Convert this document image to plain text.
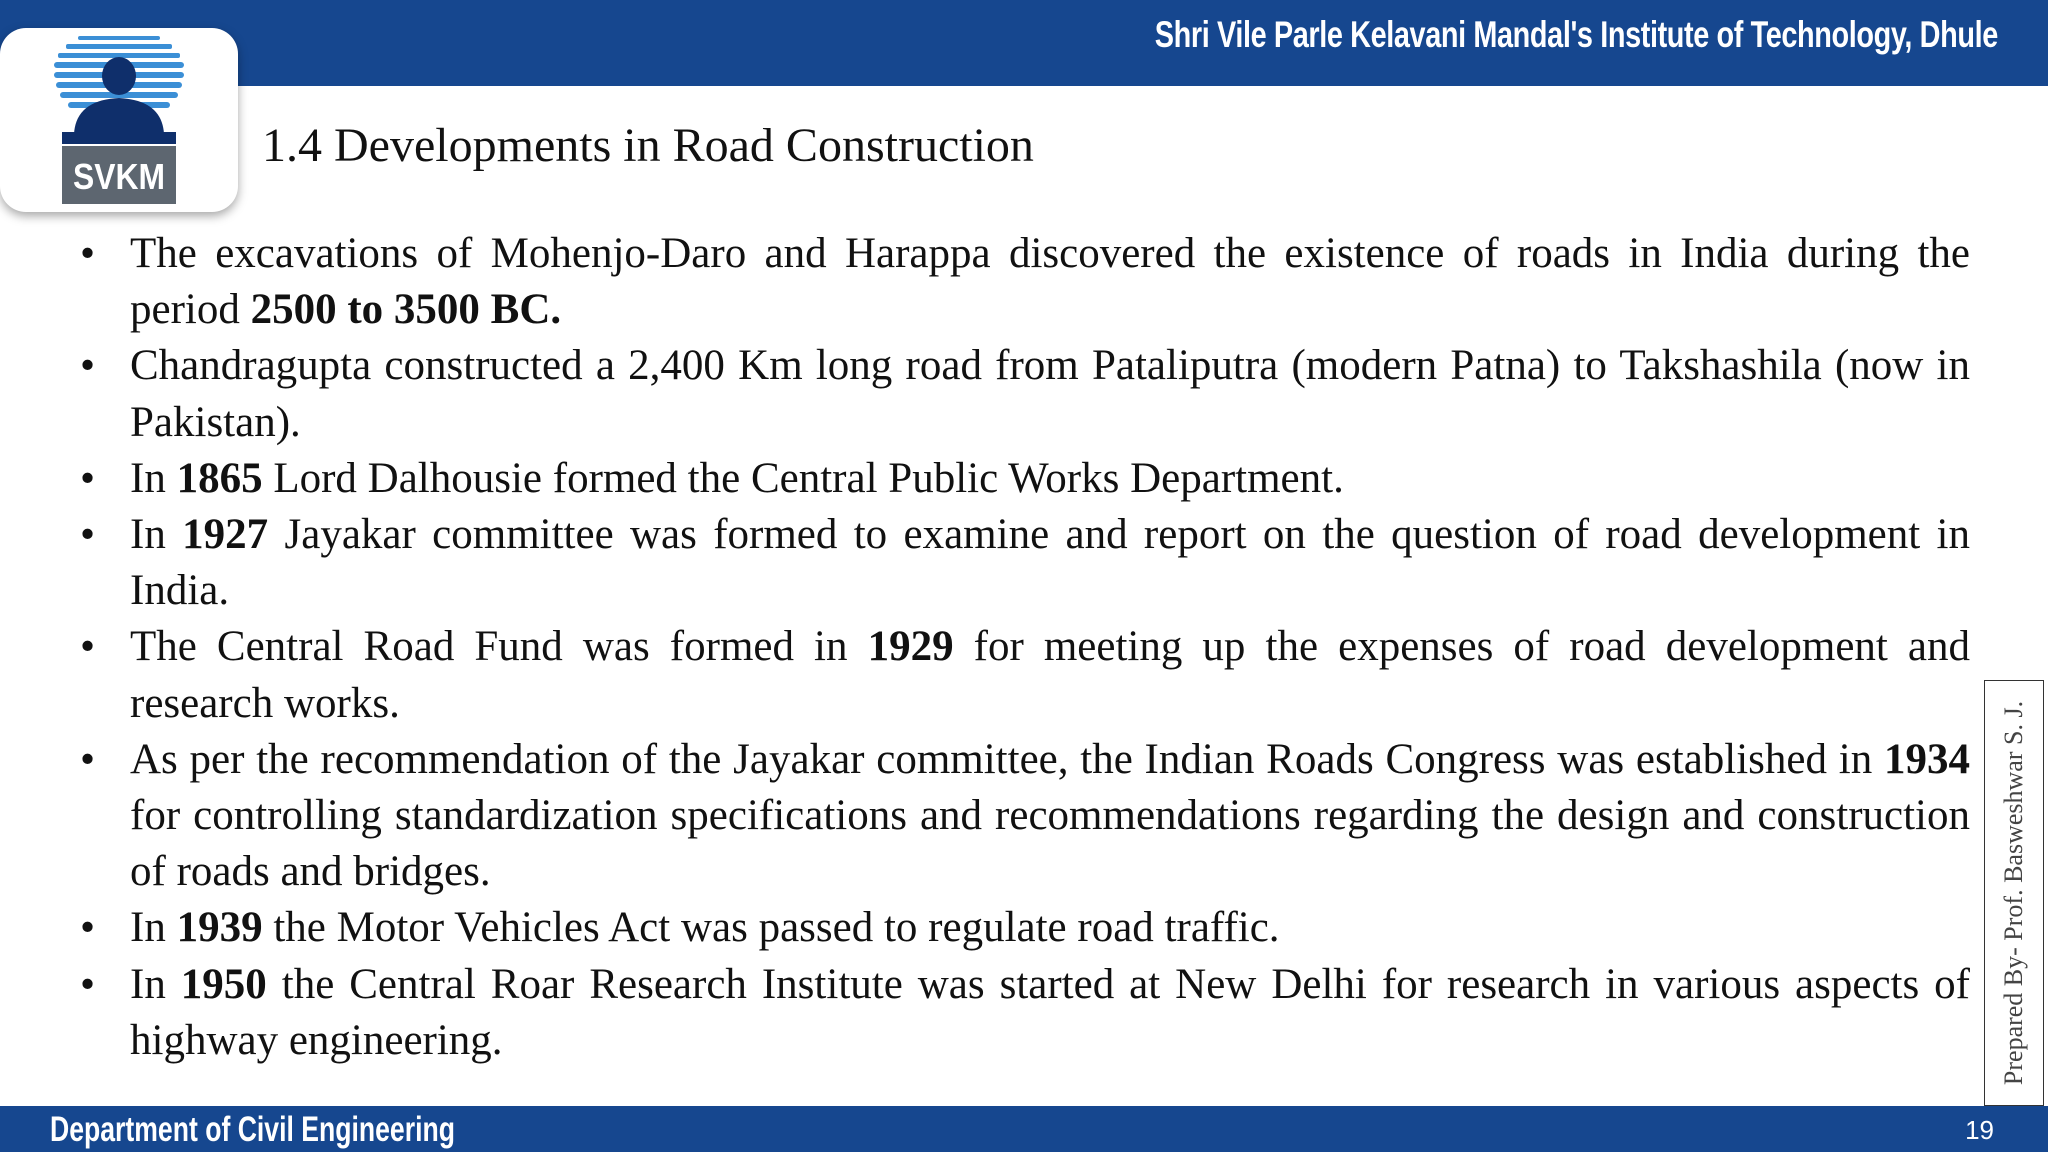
Shri Vile Parle Kelavani Mandal's Institute of Technology, Dhule
SVKM
1.4 Developments in Road Construction
• The excavations of Mohenjo-Daro and Harappa discovered the existence of roads in India during the period 2500 to 3500 BC.
• Chandragupta constructed a 2,400 Km long road from Pataliputra (modern Patna) to Takshashila (now in Pakistan).
• In 1865 Lord Dalhousie formed the Central Public Works Department.
• In 1927 Jayakar committee was formed to examine and report on the question of road development in India.
• The Central Road Fund was formed in 1929 for meeting up the expenses of road development and research works.
• As per the recommendation of the Jayakar committee, the Indian Roads Congress was established in 1934 for controlling standardization specifications and recommendations regarding the design and construction of roads and bridges.
• In 1939 the Motor Vehicles Act was passed to regulate road traffic.
• In 1950 the Central Roar Research Institute was started at New Delhi for research in various aspects of highway engineering.	Prepared By- Prof. Basweshwar S. J.
Department of Civil Engineering	19
